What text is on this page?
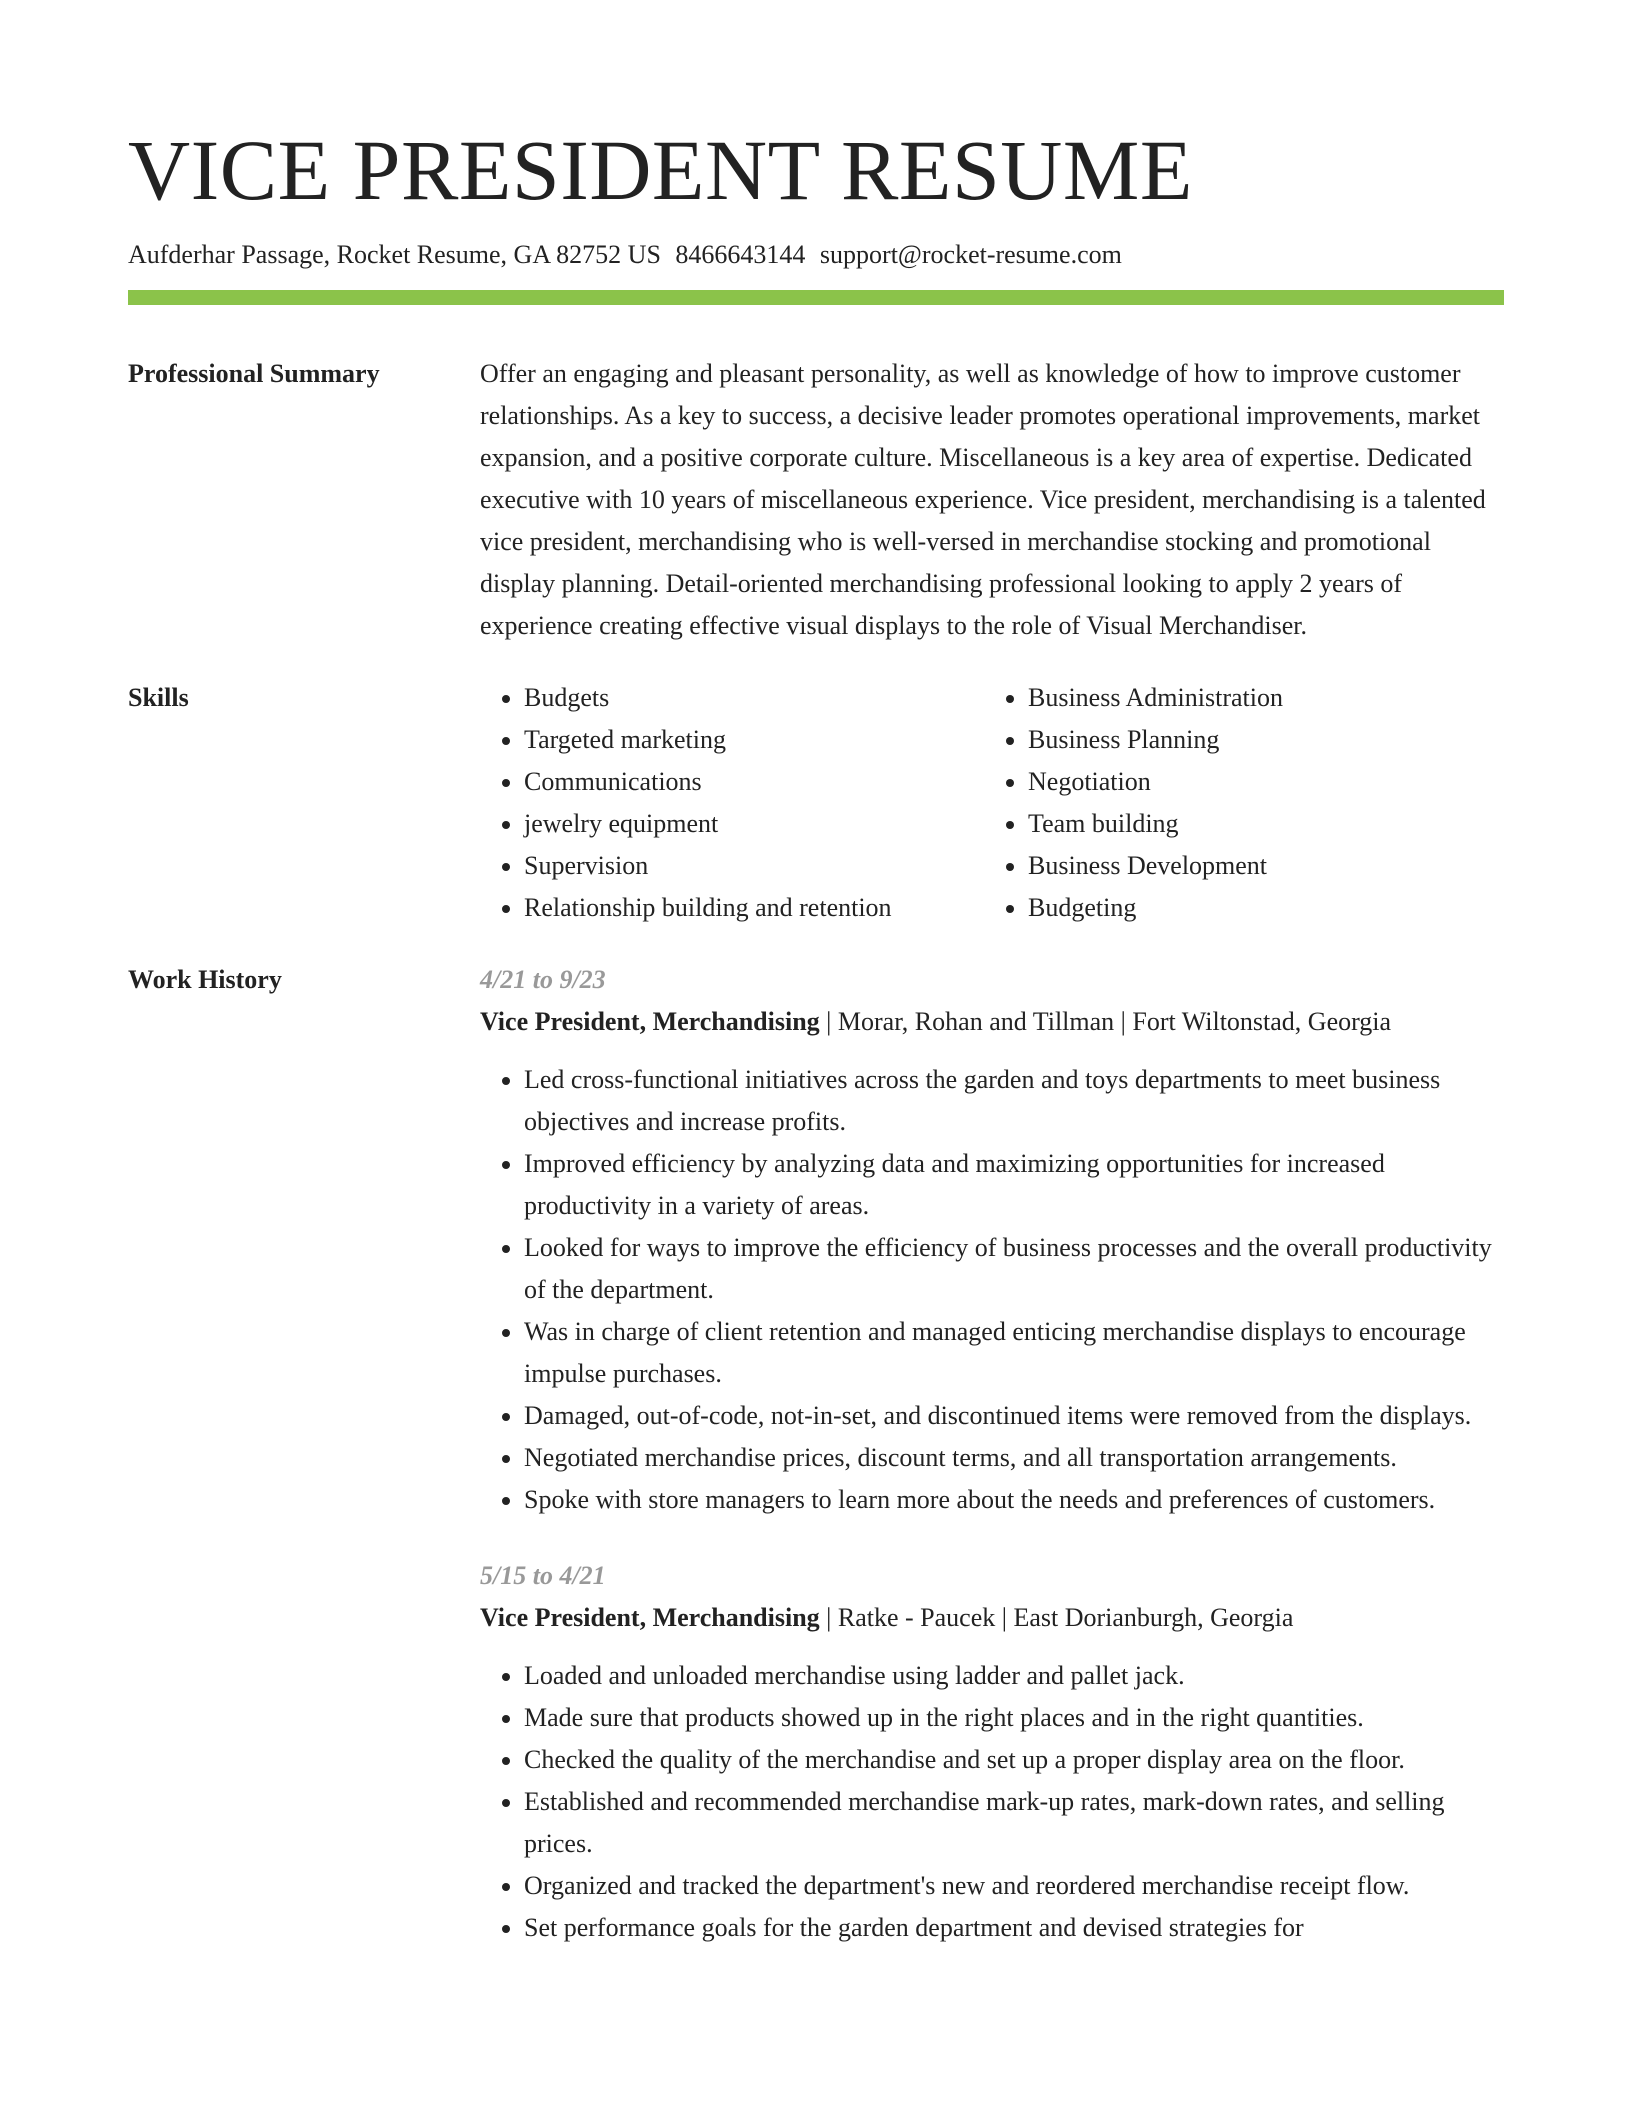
VICE PRESIDENT RESUME
Aufderhar Passage, Rocket Resume, GA 82752 US 8466643144 support@rocket-resume.com
Professional Summary	Offer an engaging and pleasant personality, as well as knowledge of how to improve customer relationships. As a key to success, a decisive leader promotes operational improvements, market expansion, and a positive corporate culture. Miscellaneous is a key area of expertise. Dedicated executive with 10 years of miscellaneous experience. Vice president, merchandising is a talented vice president, merchandising who is well-versed in merchandise stocking and promotional display planning. Detail-oriented merchandising professional looking to apply 2 years of experience creating effective visual displays to the role of Visual Merchandiser.

Skills
•	Budgets
• Targeted marketing
• Communications
• jewelry equipment
• Supervision
• Relationship building and retention
• Business Administration
• Business Planning
• Negotiation
• Team building
• Business Development
• Budgeting
Work History	4/21 to 9/23
Vice President, Merchandising | Morar, Rohan and Tillman | Fort Wiltonstad, Georgia
• Led cross-functional initiatives across the garden and toys departments to meet business objectives and increase profits.
• Improved efficiency by analyzing data and maximizing opportunities for increased productivity in a variety of areas.
• Looked for ways to improve the efficiency of business processes and the overall productivity of the department.
• Was in charge of client retention and managed enticing merchandise displays to encourage impulse purchases.
• Damaged, out-of-code, not-in-set, and discontinued items were removed from the displays.
• Negotiated merchandise prices, discount terms, and all transportation arrangements.
• Spoke with store managers to learn more about the needs and preferences of customers.
5/15 to 4/21
Vice President, Merchandising | Ratke - Paucek | East Dorianburgh, Georgia
• Loaded and unloaded merchandise using ladder and pallet jack.
• Made sure that products showed up in the right places and in the right quantities.
• Checked the quality of the merchandise and set up a proper display area on the floor.
• Established and recommended merchandise mark-up rates, mark-down rates, and selling prices.
• Organized and tracked the department's new and reordered merchandise receipt flow.
• Set performance goals for the garden department and devised strategies for
